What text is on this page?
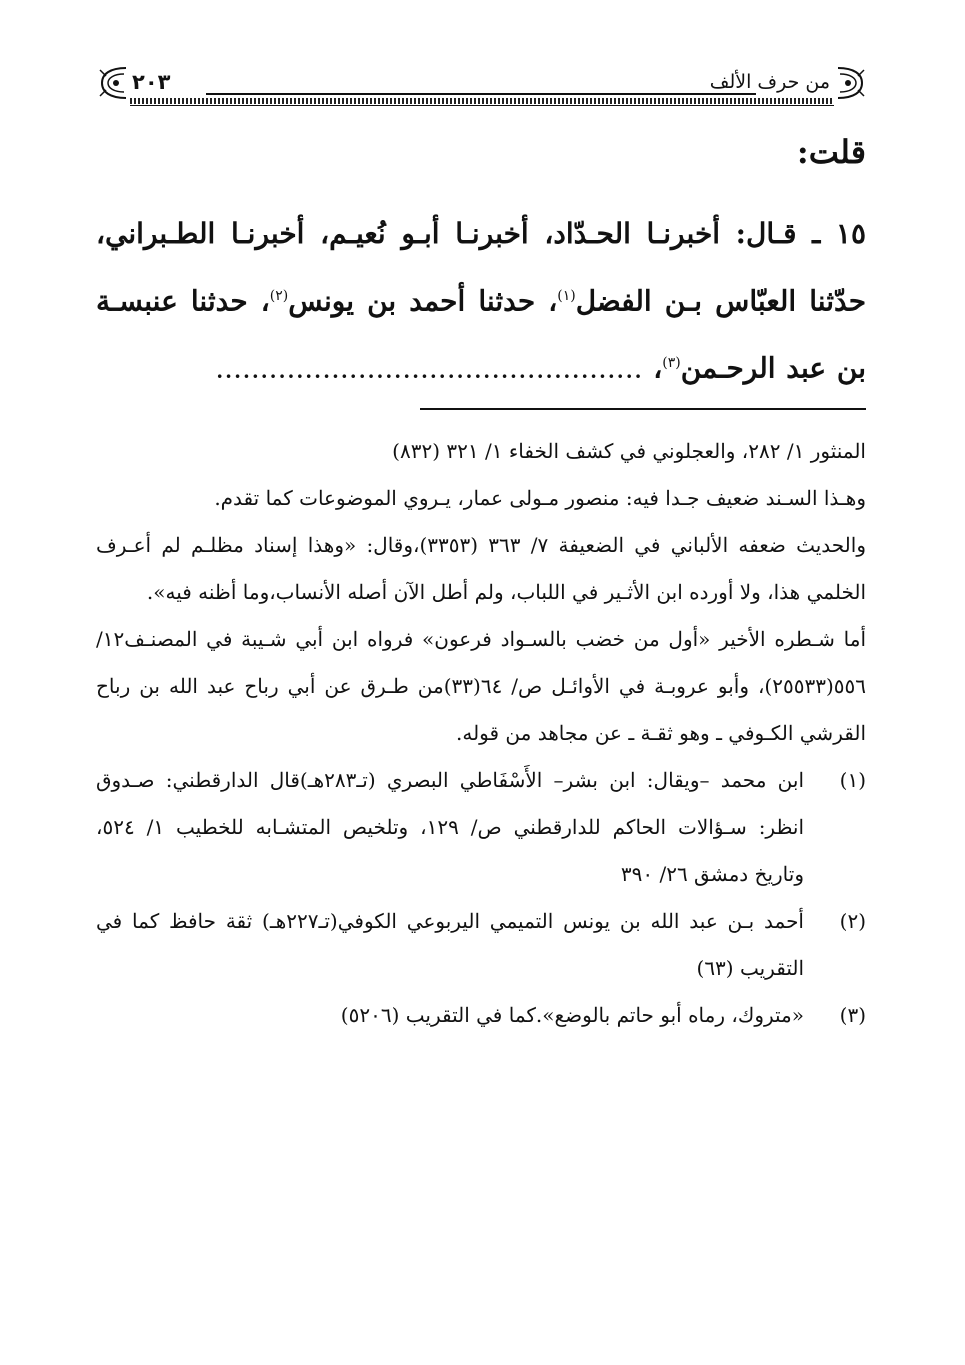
٢٠٣	من حرف الألف
قلت:

١٥ ـ قـال: أخبرنـا الحـدّاد، أخبرنـا أبـو نُعيـم، أخبرنـا الطـبراني، حدّثنا العبّاس بـن الفضل$^{(١)}$، حدثنا أحمد بن يونس$^{(٢)}$، حدثنا عنبسـة بن عبد الرحـمن$^{(٣)}$، ................................................

المنثور ١/ ٢٨٢، والعجلوني في كشف الخفاء ١/ ٣٢١ (٨٣٢)

وهـذا السـند ضعيف جـدا فيه: منصور مـولى عمار، يـروي الموضوعات كما تقدم.

والحديث ضعفه الألباني في الضعيفة ٧/ ٣٦٣ (٣٣٥٣)،وقال: «وهذا إسناد مظلـم لم أعـرف الخلمي هذا، ولا أورده ابن الأثـير في اللباب، ولم أطل الآن أصله الأنساب،وما أظنه فيه».

أما شـطره الأخير «أول من خضب بالسـواد فرعون» فرواه ابن أبي شـيبة في المصنـف١٢/ ٥٥٦(٢٥٥٣٣)، وأبو عروبـة في الأوائـل ص/ ٦٤(٣٣)من طـرق عن أبي رباح عبد الله بن رباح القرشي الكـوفي ـ وهو ثقـة ـ عن مجاهد من قوله.

(١)
ابن محمد –ويقال: ابن بشر– الأَسْفَاطي البصري (تـ٢٨٣هـ)قال الدارقطني: صـدوق انظر: سـؤالات الحاكم للدارقطني ص/ ١٢٩، وتلخيص المتشـابه للخطيب ١/ ٥٢٤، وتاريخ دمشق ٢٦/ ٣٩٠
(٢)
أحمد بـن عبد الله بن يونس التميمي اليربوعي الكوفي(تـ٢٢٧هـ) ثقة حافظ كما في التقريب (٦٣)
(٣)
«متروك، رماه أبو حاتم بالوضع».كما في التقريب (٥٢٠٦)
